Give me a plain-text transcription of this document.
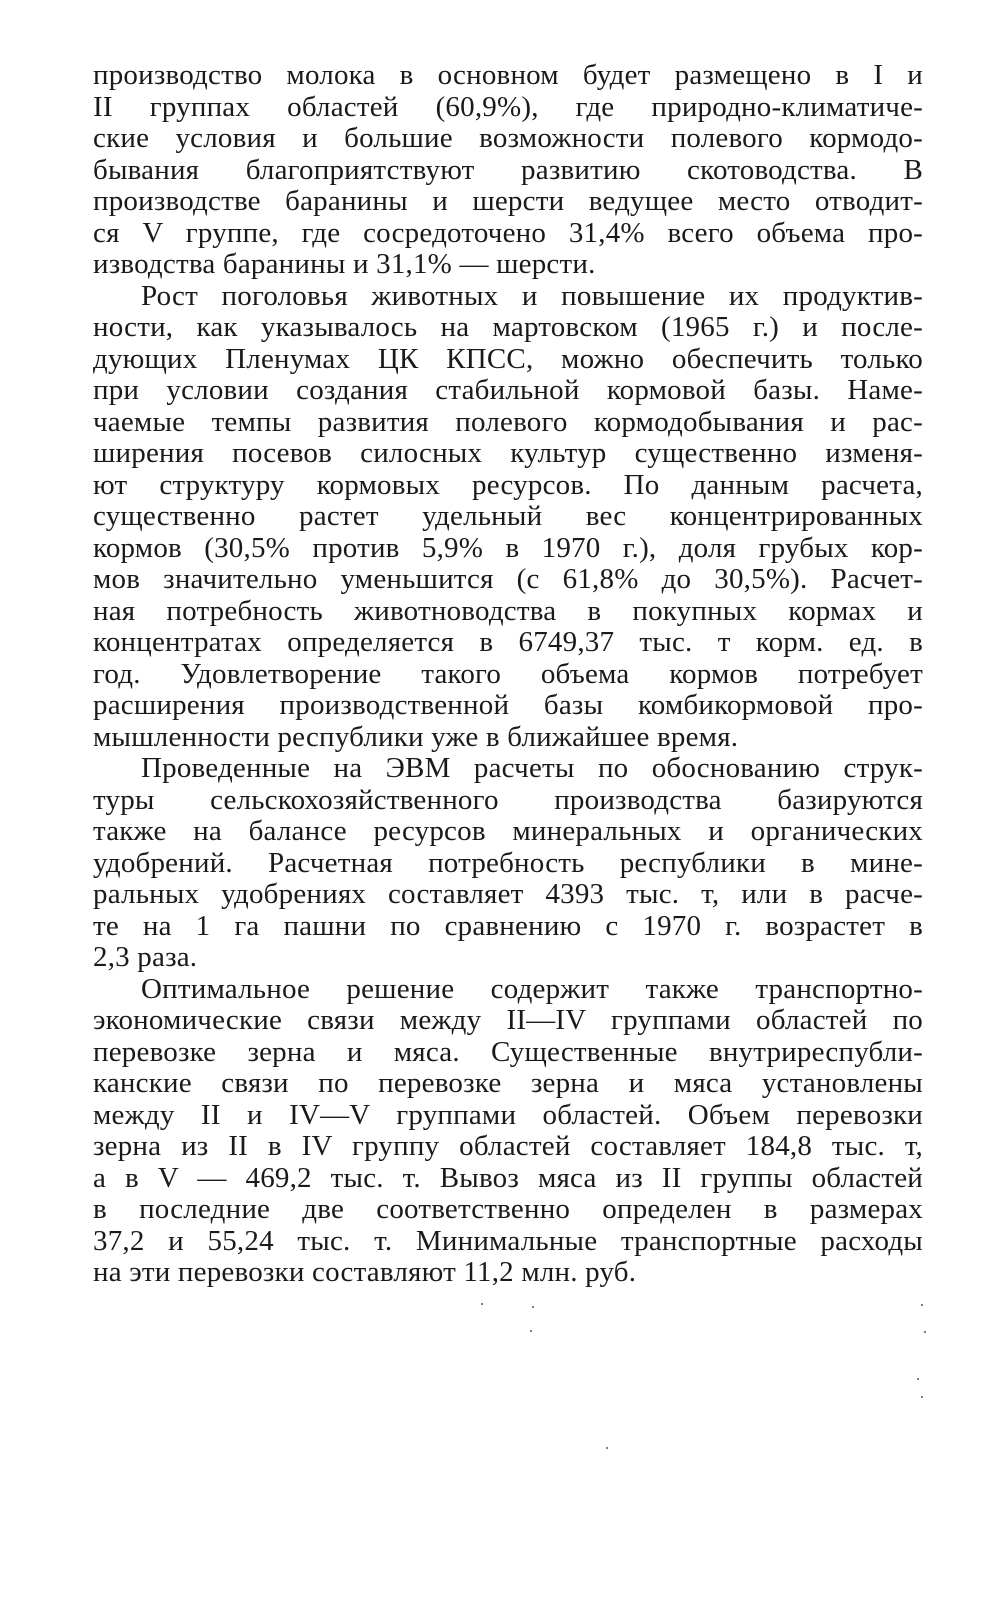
производство молока в основном будет размещено в I и
II группах областей (60,9%), где природно-климатиче-
ские условия и большие возможности полевого кормодо-
бывания благоприятствуют развитию скотоводства. В
производстве баранины и шерсти ведущее место отводит-
ся V группе, где сосредоточено 31,4% всего объема про-
изводства баранины и 31,1% — шерсти.
Рост поголовья животных и повышение их продуктив-
ности, как указывалось на мартовском (1965 г.) и после-
дующих Пленумах ЦК КПСС, можно обеспечить только
при условии создания стабильной кормовой базы. Наме-
чаемые темпы развития полевого кормодобывания и рас-
ширения посевов силосных культур существенно изменя-
ют структуру кормовых ресурсов. По данным расчета,
существенно растет удельный вес концентрированных
кормов (30,5% против 5,9% в 1970 г.), доля грубых кор-
мов значительно уменьшится (с 61,8% до 30,5%). Расчет-
ная потребность животноводства в покупных кормах и
концентратах определяется в 6749,37 тыс. т корм. ед. в
год. Удовлетворение такого объема кормов потребует
расширения производственной базы комбикормовой про-
мышленности республики уже в ближайшее время.
Проведенные на ЭВМ расчеты по обоснованию струк-
туры сельскохозяйственного производства базируются
также на балансе ресурсов минеральных и органических
удобрений. Расчетная потребность республики в мине-
ральных удобрениях составляет 4393 тыс. т, или в расче-
те на 1 га пашни по сравнению с 1970 г. возрастет в
2,3 раза.
Оптимальное решение содержит также транспортно-
экономические связи между II—IV группами областей по
перевозке зерна и мяса. Существенные внутриреспубли-
канские связи по перевозке зерна и мяса установлены
между II и IV—V группами областей. Объем перевозки
зерна из II в IV группу областей составляет 184,8 тыс. т,
а в V — 469,2 тыс. т. Вывоз мяса из II группы областей
в последние две соответственно определен в размерах
37,2 и 55,24 тыс. т. Минимальные транспортные расходы
на эти перевозки составляют 11,2 млн. руб.
